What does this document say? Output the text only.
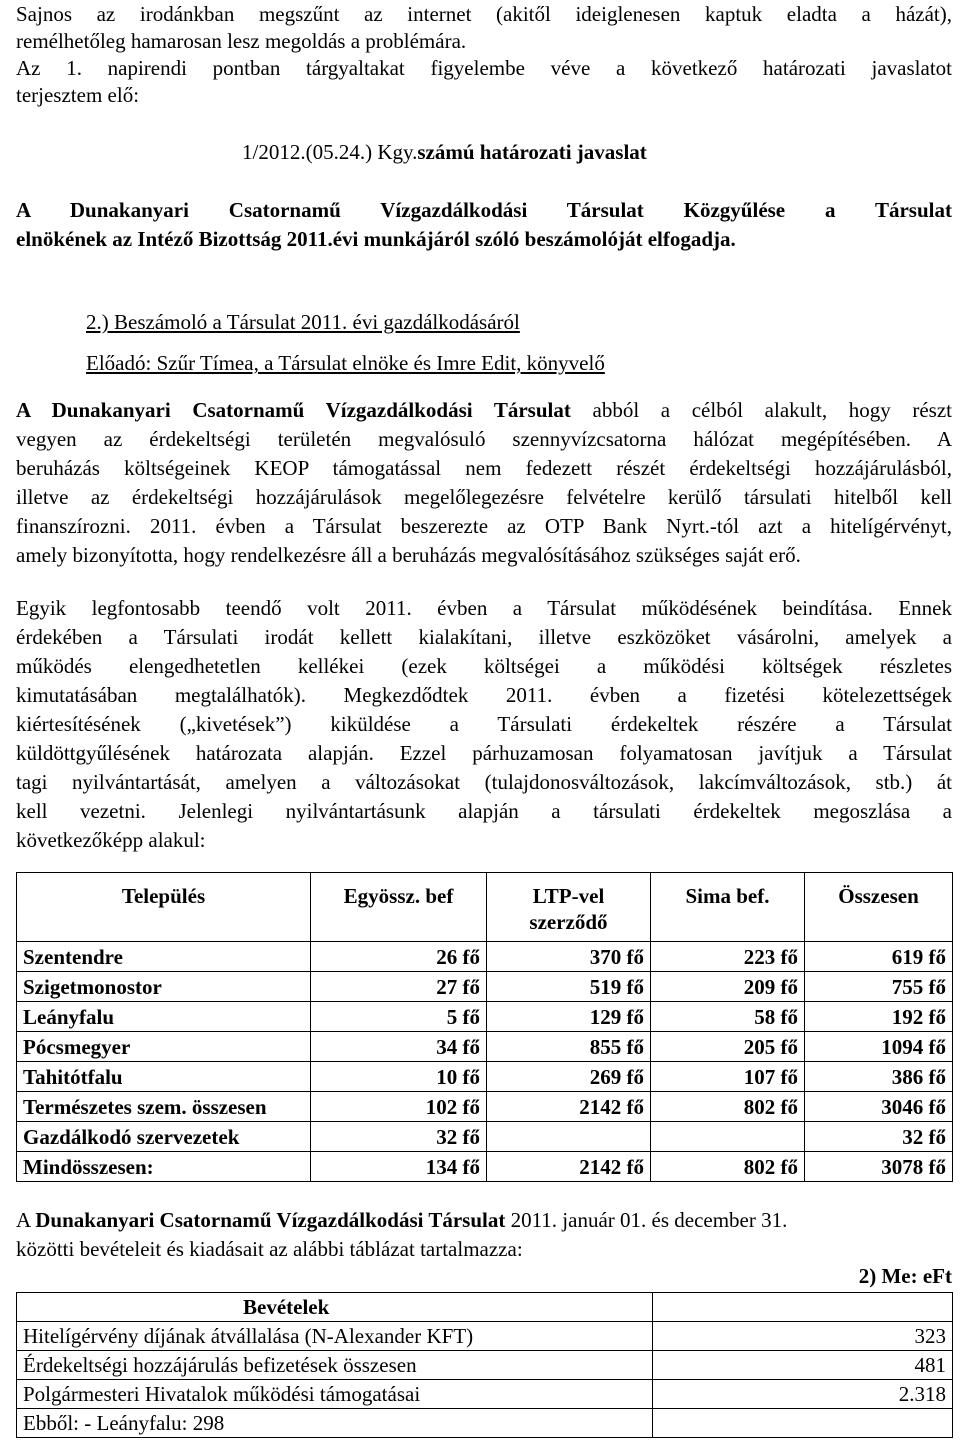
Sajnos az irodánkban megszűnt az internet (akitől ideiglenesen kaptuk eladta a házát),

remélhetőleg hamarosan lesz megoldás a problémára.

Az 1. napirendi pontban tárgyaltakat figyelembe véve a következő határozati javaslatot

terjesztem elő:

1/2012.(05.24.) Kgy.számú határozati javaslat

A Dunakanyari Csatornamű Vízgazdálkodási Társulat Közgyűlése a Társulat

elnökének az Intéző Bizottság 2011.évi munkájáról szóló beszámolóját elfogadja.

2.) Beszámoló a Társulat 2011. évi gazdálkodásáról

Előadó: Szűr Tímea, a Társulat elnöke és Imre Edit, könyvelő

A Dunakanyari Csatornamű Vízgazdálkodási Társulat abból a célból alakult, hogy részt

vegyen az érdekeltségi területén megvalósuló szennyvízcsatorna hálózat megépítésében. A

beruházás költségeinek KEOP támogatással nem fedezett részét érdekeltségi hozzájárulásból,

illetve az érdekeltségi hozzájárulások megelőlegezésre felvételre kerülő társulati hitelből kell

finanszírozni. 2011. évben a Társulat beszerezte az OTP Bank Nyrt.-tól azt a hitelígérvényt,

amely bizonyította, hogy rendelkezésre áll a beruházás megvalósításához szükséges saját erő.

Egyik legfontosabb teendő volt 2011. évben a Társulat működésének beindítása. Ennek

érdekében a Társulati irodát kellett kialakítani, illetve eszközöket vásárolni, amelyek a

működés elengedhetetlen kellékei (ezek költségei a működési költségek részletes

kimutatásában megtalálhatók). Megkezdődtek 2011. évben a fizetési kötelezettségek

kiértesítésének („kivetések”) kiküldése a Társulati érdekeltek részére a Társulat

küldöttgyűlésének határozata alapján. Ezzel párhuzamosan folyamatosan javítjuk a Társulat

tagi nyilvántartását, amelyen a változásokat (tulajdonosváltozások, lakcímváltozások, stb.) át

kell vezetni. Jelenlegi nyilvántartásunk alapján a társulati érdekeltek megoszlása a

következőképp alakul:

Település	Egyössz. bef	LTP-vel szerződő	Sima bef.	Összesen
Szentendre	26 fő	370 fő	223 fő	619 fő
Szigetmonostor	27 fő	519 fő	209 fő	755 fő
Leányfalu	5 fő	129 fő	58 fő	192 fő
Pócsmegyer	34 fő	855 fő	205 fő	1094 fő
Tahitótfalu	10 fő	269 fő	107 fő	386 fő
Természetes szem. összesen	102 fő	2142 fő	802 fő	3046 fő
Gazdálkodó szervezetek	32 fő			32 fő
Mindösszesen:	134 fő	2142 fő	802 fő	3078 fő

A Dunakanyari Csatornamű Vízgazdálkodási Társulat 2011. január 01. és december 31.

közötti bevételeit és kiadásait az alábbi táblázat tartalmazza:

2) Me: eFt
Bevételek	
Hitelígérvény díjának átvállalása (N-Alexander KFT)	323
Érdekeltségi hozzájárulás befizetések összesen	481
Polgármesteri Hivatalok működési támogatásai	2.318
Ebből: - Leányfalu: 298	
